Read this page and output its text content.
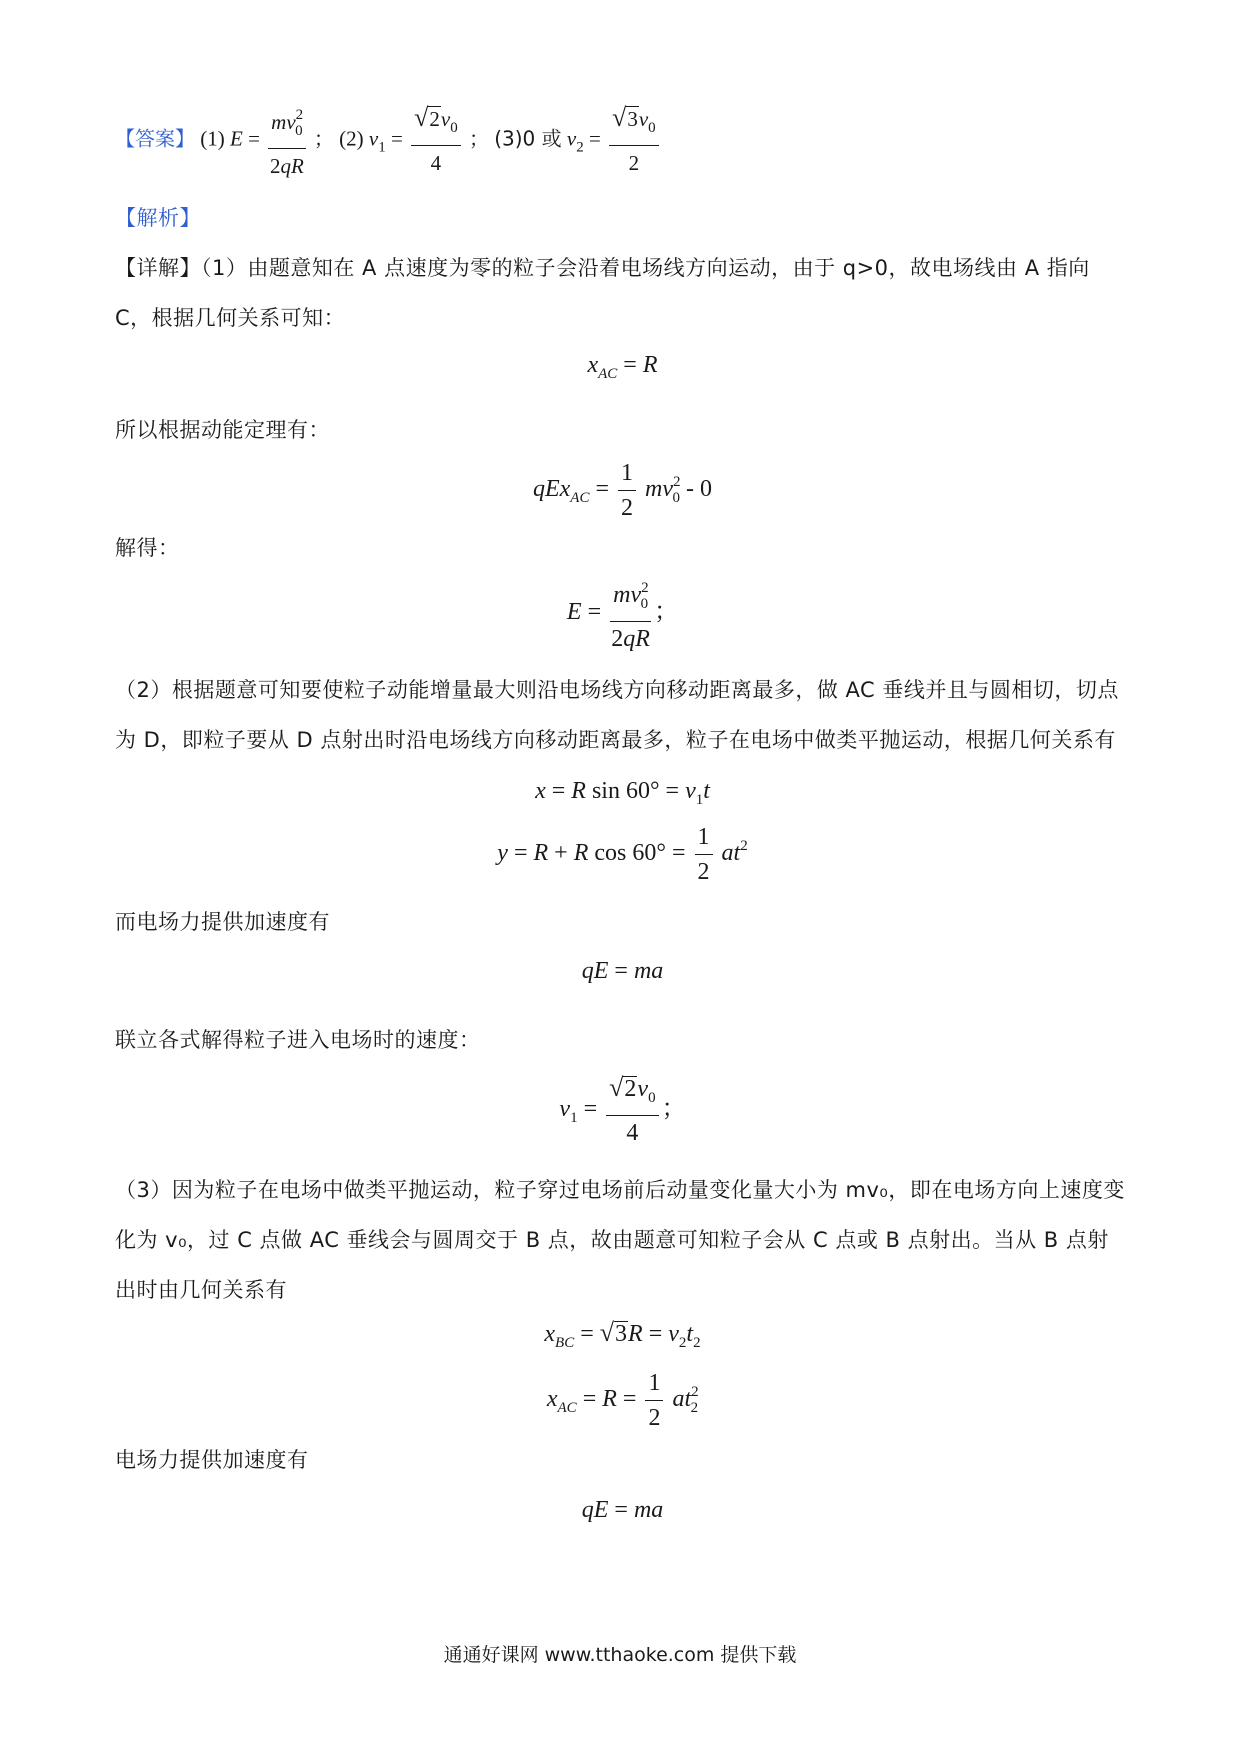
【答案】 (1) $E = \frac{mv^2_0}{2qR}$ ； (2) $v_1 = \frac{√2v_0}{4}$ ； (3)0 或 $v_2 = \frac{√3v_0}{2}$
【解析】
【详解】（1）由题意知在 A 点速度为零的粒子会沿着电场线方向运动，由于 q>0，故电场线由 A 指向 C，根据几何关系可知：
$x_{AC} = R$
所以根据动能定理有：
$qEx_{AC} = \frac{1}{2} mv^2_0 - 0$
解得：
$E = \frac{mv^2_0}{2qR}$ ；
（2）根据题意可知要使粒子动能增量最大则沿电场线方向移动距离最多，做 AC 垂线并且与圆相切，切点为 D，即粒子要从 D 点射出时沿电场线方向移动距离最多，粒子在电场中做类平抛运动，根据几何关系有
x = R $\sin 60^\circ = v_1t$
y = R + R $\cos 60^\circ = \frac{1}{2} at^2$
而电场力提供加速度有
qE = ma
联立各式解得粒子进入电场时的速度：
$v_1 = \frac{√2v_0}{4}$ ；
（3）因为粒子在电场中做类平抛运动，粒子穿过电场前后动量变化量大小为 mv₀，即在电场方向上速度变化为 v₀，过 C 点做 AC 垂线会与圆周交于 B 点，故由题意可知粒子会从 C 点或 B 点射出。当从 B 点射出时由几何关系有
$x_{BC} = √3R = v_2t_2$
$x_{AC} = R = \frac{1}{2} at^2_2$
电场力提供加速度有
qE = ma
通通好课网 www.tthaoke.com 提供下载
